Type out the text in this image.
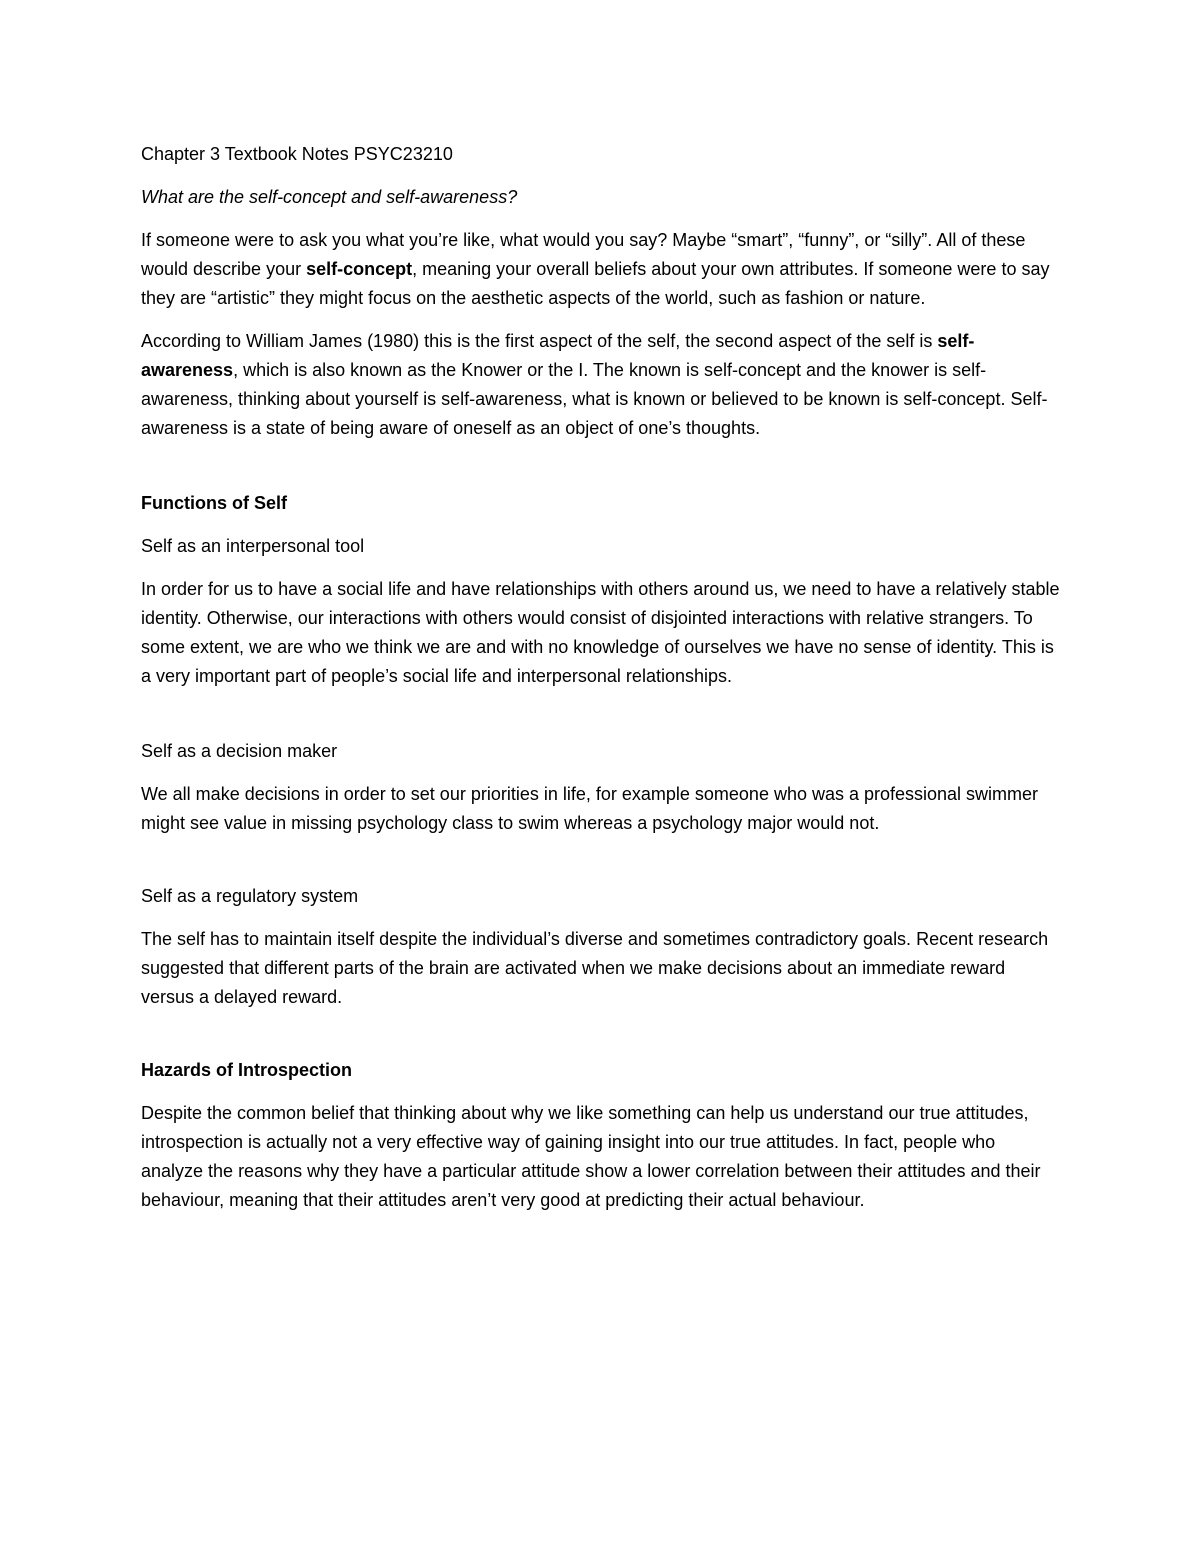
Chapter 3 Textbook Notes PSYC23210

What are the self-concept and self-awareness?

If someone were to ask you what you’re like, what would you say? Maybe “smart”, “funny”, or “silly”. All of these would describe your self-concept, meaning your overall beliefs about your own attributes. If someone were to say they are “artistic” they might focus on the aesthetic aspects of the world, such as fashion or nature.

According to William James (1980) this is the first aspect of the self, the second aspect of the self is self-awareness, which is also known as the Knower or the I. The known is self-concept and the knower is self-awareness, thinking about yourself is self-awareness, what is known or believed to be known is self-concept. Self-awareness is a state of being aware of oneself as an object of one’s thoughts.

Functions of Self

Self as an interpersonal tool

In order for us to have a social life and have relationships with others around us, we need to have a relatively stable identity. Otherwise, our interactions with others would consist of disjointed interactions with relative strangers. To some extent, we are who we think we are and with no knowledge of ourselves we have no sense of identity. This is a very important part of people’s social life and interpersonal relationships.

Self as a decision maker

We all make decisions in order to set our priorities in life, for example someone who was a professional swimmer might see value in missing psychology class to swim whereas a psychology major would not.

Self as a regulatory system

The self has to maintain itself despite the individual’s diverse and sometimes contradictory goals. Recent research suggested that different parts of the brain are activated when we make decisions about an immediate reward versus a delayed reward.

Hazards of Introspection

Despite the common belief that thinking about why we like something can help us understand our true attitudes, introspection is actually not a very effective way of gaining insight into our true attitudes. In fact, people who analyze the reasons why they have a particular attitude show a lower correlation between their attitudes and their behaviour, meaning that their attitudes aren’t very good at predicting their actual behaviour.
